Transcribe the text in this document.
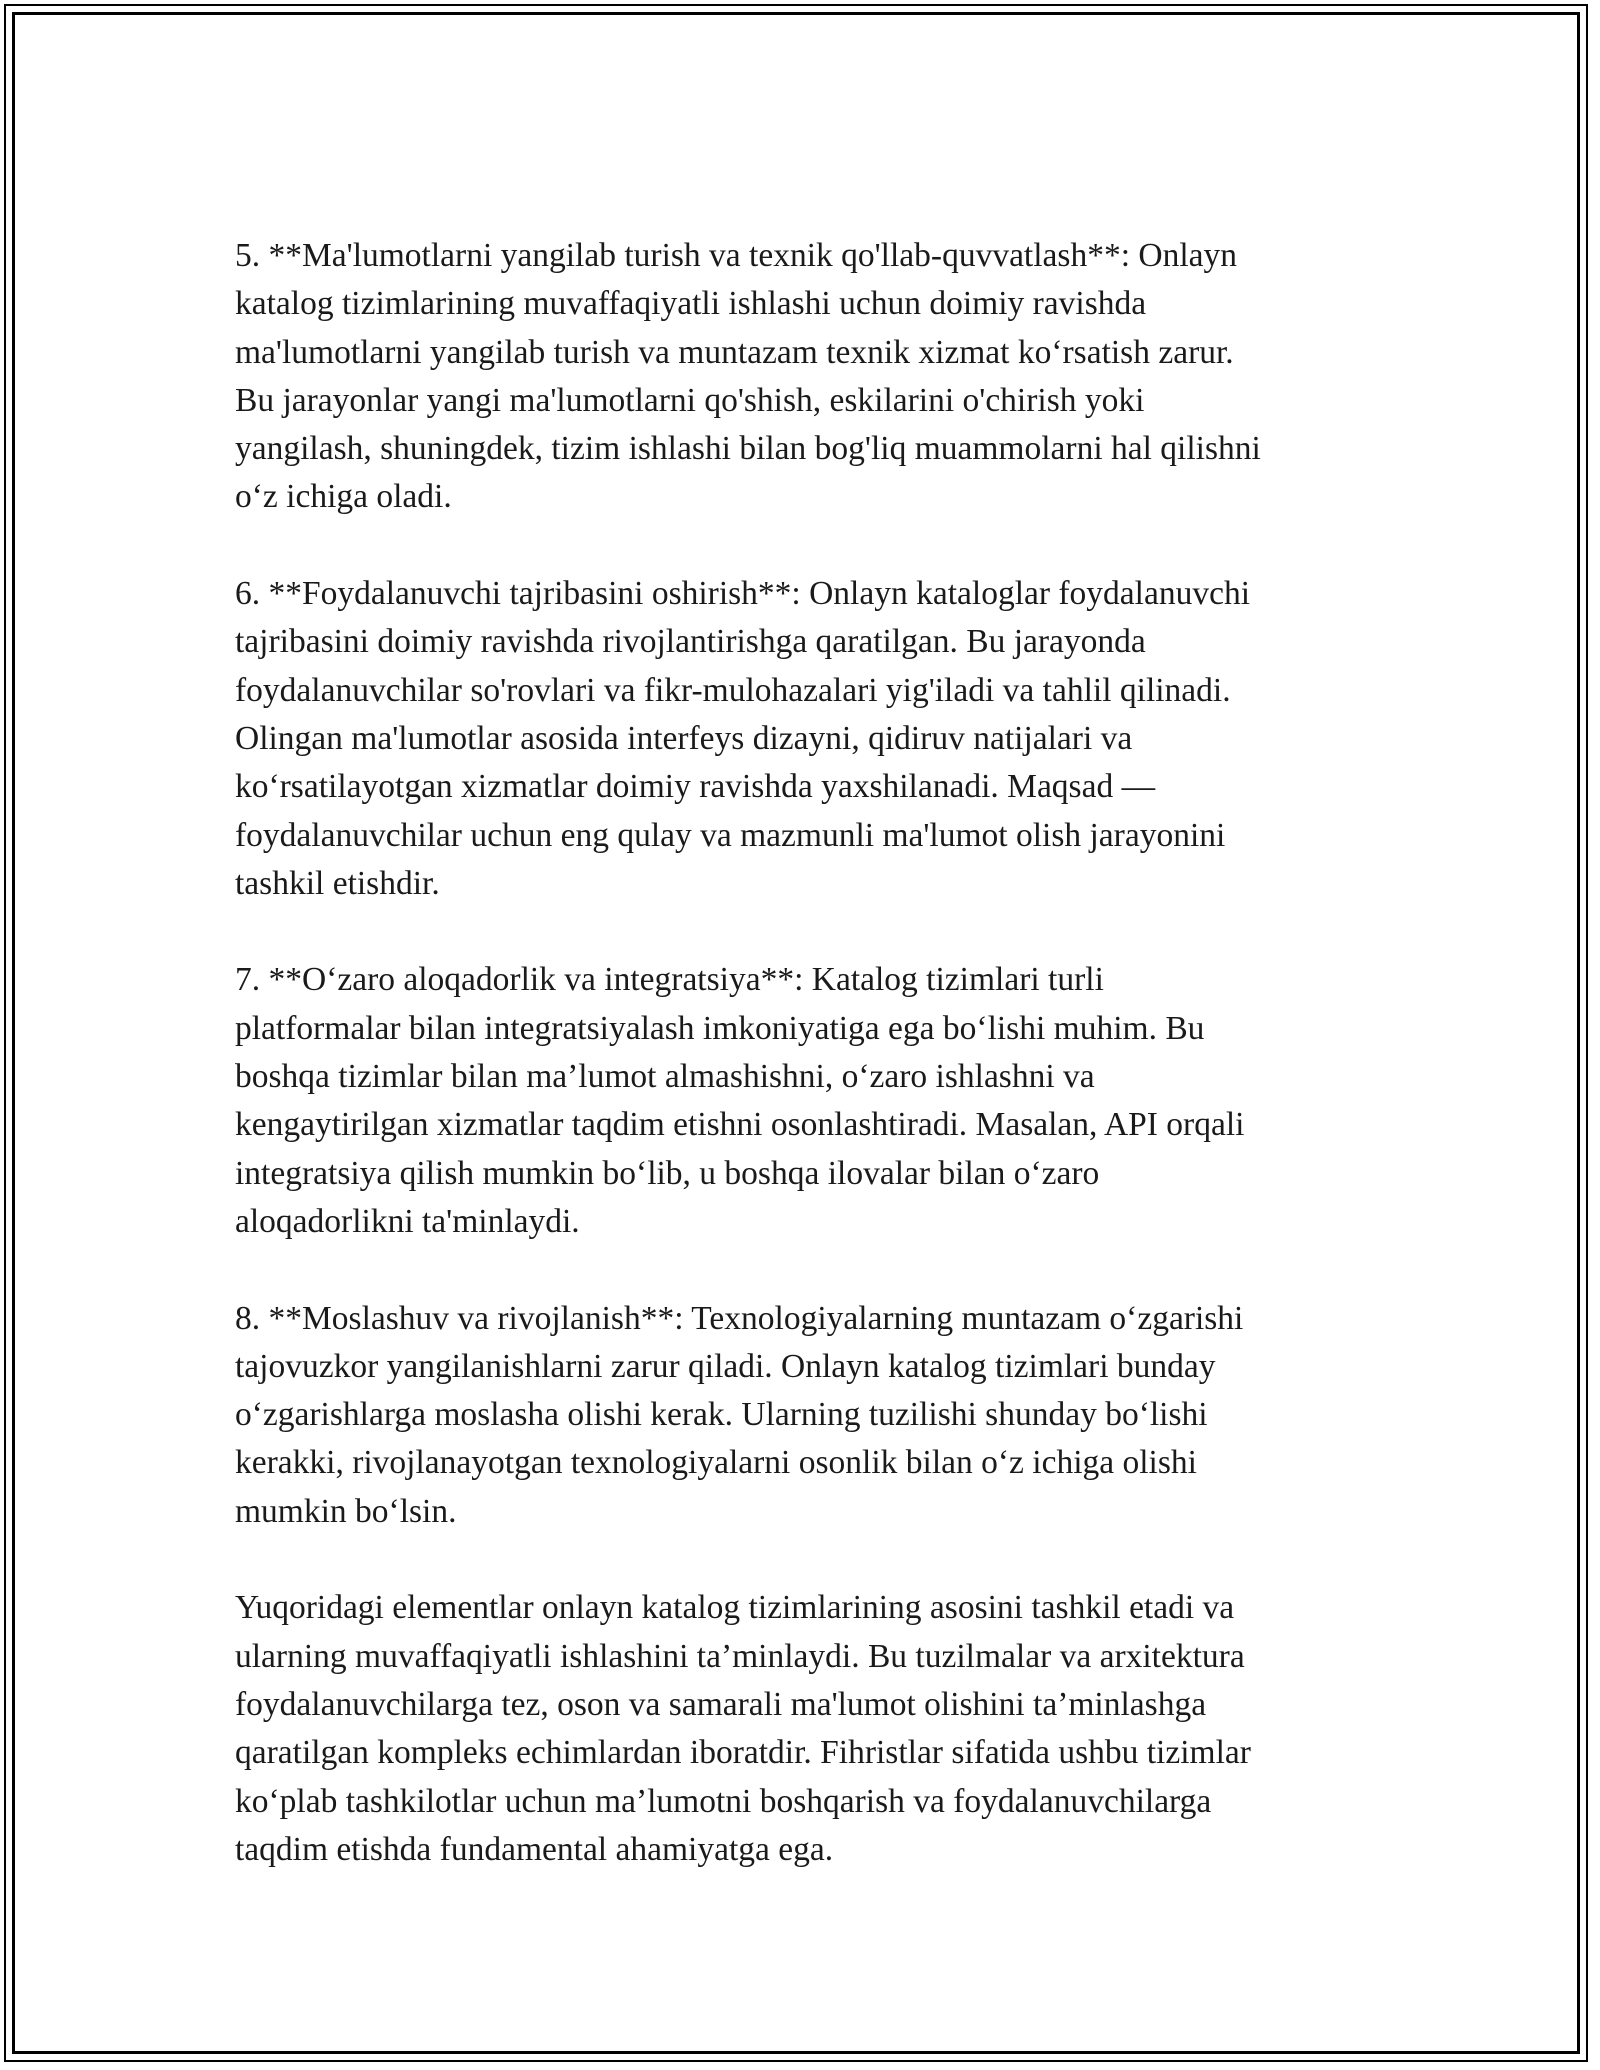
5. **Ma'lumotlarni yangilab turish va texnik qo'llab-quvvatlash**: Onlayn
katalog tizimlarining muvaffaqiyatli ishlashi uchun doimiy ravishda
ma'lumotlarni yangilab turish va muntazam texnik xizmat ko‘rsatish zarur.
Bu jarayonlar yangi ma'lumotlarni qo'shish, eskilarini o'chirish yoki
yangilash, shuningdek, tizim ishlashi bilan bog'liq muammolarni hal qilishni
o‘z ichiga oladi.

6. **Foydalanuvchi tajribasini oshirish**: Onlayn kataloglar foydalanuvchi
tajribasini doimiy ravishda rivojlantirishga qaratilgan. Bu jarayonda
foydalanuvchilar so'rovlari va fikr-mulohazalari yig'iladi va tahlil qilinadi.
Olingan ma'lumotlar asosida interfeys dizayni, qidiruv natijalari va
ko‘rsatilayotgan xizmatlar doimiy ravishda yaxshilanadi. Maqsad —
foydalanuvchilar uchun eng qulay va mazmunli ma'lumot olish jarayonini
tashkil etishdir.

7. **O‘zaro aloqadorlik va integratsiya**: Katalog tizimlari turli
platformalar bilan integratsiyalash imkoniyatiga ega bo‘lishi muhim. Bu
boshqa tizimlar bilan ma’lumot almashishni, o‘zaro ishlashni va
kengaytirilgan xizmatlar taqdim etishni osonlashtiradi. Masalan, API orqali
integratsiya qilish mumkin bo‘lib, u boshqa ilovalar bilan o‘zaro
aloqadorlikni ta'minlaydi.

8. **Moslashuv va rivojlanish**: Texnologiyalarning muntazam o‘zgarishi
tajovuzkor yangilanishlarni zarur qiladi. Onlayn katalog tizimlari bunday
o‘zgarishlarga moslasha olishi kerak. Ularning tuzilishi shunday bo‘lishi
kerakki, rivojlanayotgan texnologiyalarni osonlik bilan o‘z ichiga olishi
mumkin bo‘lsin.

Yuqoridagi elementlar onlayn katalog tizimlarining asosini tashkil etadi va
ularning muvaffaqiyatli ishlashini ta’minlaydi. Bu tuzilmalar va arxitektura
foydalanuvchilarga tez, oson va samarali ma'lumot olishini ta’minlashga
qaratilgan kompleks echimlardan iboratdir. Fihristlar sifatida ushbu tizimlar
ko‘plab tashkilotlar uchun ma’lumotni boshqarish va foydalanuvchilarga
taqdim etishda fundamental ahamiyatga ega.
